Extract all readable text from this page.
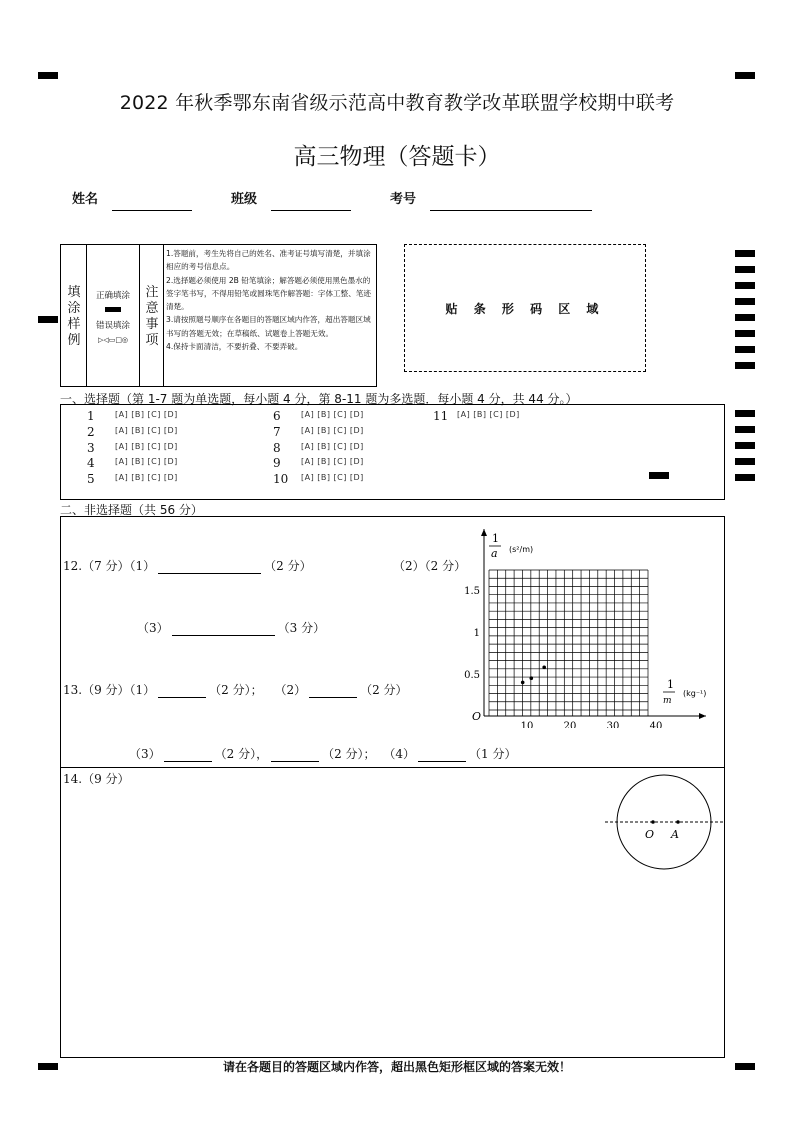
2022 年秋季鄂东南省级示范高中教育教学改革联盟学校期中联考
高三物理（答题卡）
姓名	班级	考号
填
涂
样
例
正确填涂
错误填涂
▷◁▭□◎
注
意
事
项
1.答题前，考生先将自己的姓名、准考证号填写清楚，并填涂相应的考号信息点。
2.选择题必须使用 2B 铅笔填涂；解答题必须使用黑色墨水的签字笔书写，不得用铅笔或圆珠笔作解答题：字体工整、笔迹清楚。
3.请按照题号顺序在各题目的答题区域内作答，超出答题区域书写的答题无效；在草稿纸、试题卷上答题无效。
4.保持卡面清洁，不要折叠、不要弄破。
贴 条 形 码 区 域
一、选择题（第 1-7 题为单选题，每小题 4 分，第 8-11 题为多选题．每小题 4 分，共 44 分。）
1	[A] [B] [C] [D]
2	[A] [B] [C] [D]
3	[A] [B] [C] [D]
4	[A] [B] [C] [D]
5	[A] [B] [C] [D]
6	[A] [B] [C] [D]
7	[A] [B] [C] [D]
8	[A] [B] [C] [D]
9	[A] [B] [C] [D]
10	[A] [B] [C] [D]
11	[A] [B] [C] [D]
二、非选择题（共 56 分）
12.（7 分）（1）	（2 分）	（2）（2 分）
（3）	（3 分）
13.（9 分）（1）	（2 分）； （2）	（2 分）
（3）	（2 分），	（2 分）； （4）	（1 分）
1
a (s²/m)
1
m
(kg⁻¹)
O
0.5
1
1.5
10	20	30	40
14.（9 分）
O A
请在各题目的答题区域内作答，超出黑色矩形框区域的答案无效！
